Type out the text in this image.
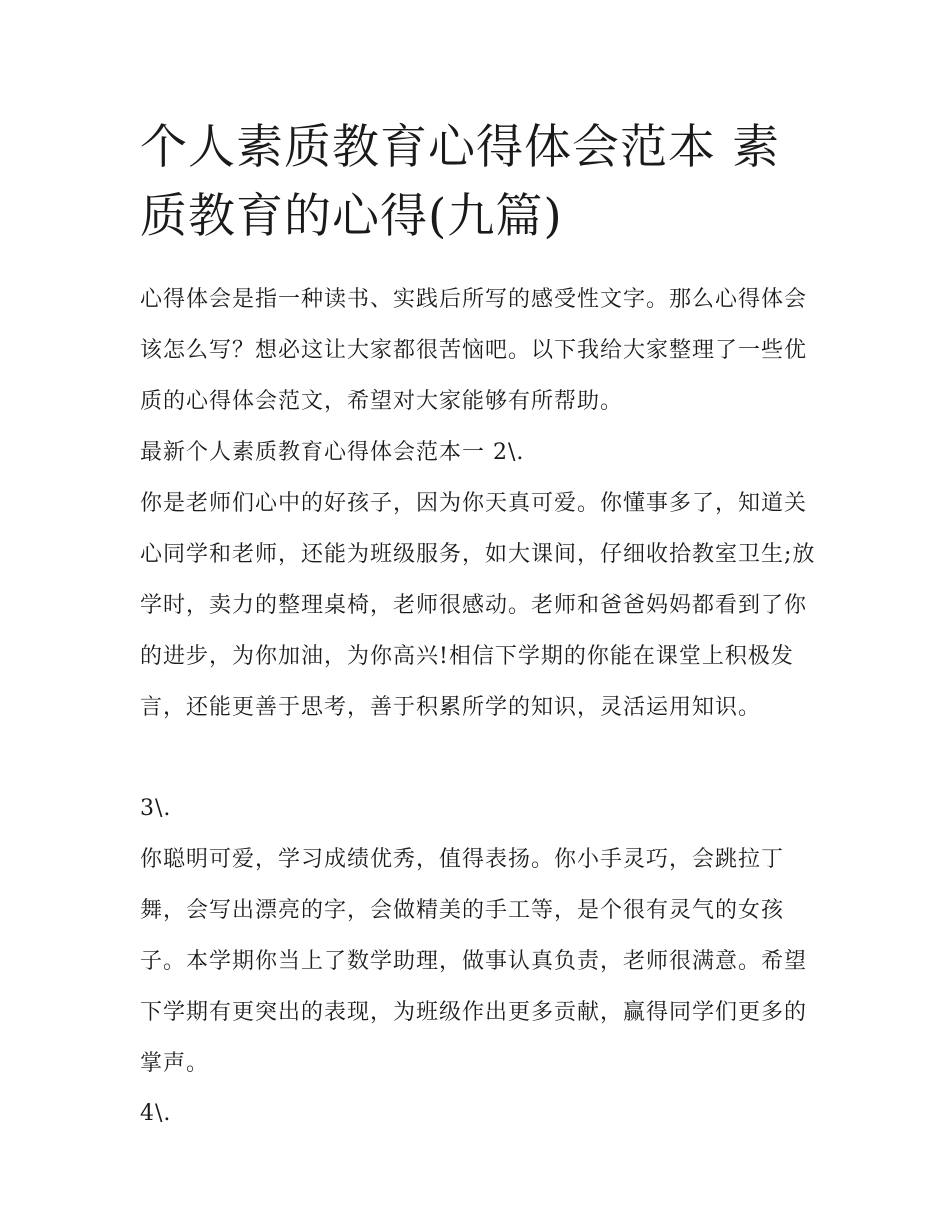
个人素质教育心得体会范本 素质教育的心得(九篇)

心得体会是指一种读书、实践后所写的感受性文字。那么心得体会该怎么写？想必这让大家都很苦恼吧。以下我给大家整理了一些优质的心得体会范文，希望对大家能够有所帮助。

最新个人素质教育心得体会范本一 2\.

你是老师们心中的好孩子，因为你天真可爱。你懂事多了，知道关心同学和老师，还能为班级服务，如大课间，仔细收拾教室卫生;放学时，卖力的整理桌椅，老师很感动。老师和爸爸妈妈都看到了你的进步，为你加油，为你高兴!相信下学期的你能在课堂上积极发言，还能更善于思考，善于积累所学的知识，灵活运用知识。

3\.

你聪明可爱，学习成绩优秀，值得表扬。你小手灵巧，会跳拉丁舞，会写出漂亮的字，会做精美的手工等，是个很有灵气的女孩子。本学期你当上了数学助理，做事认真负责，老师很满意。希望下学期有更突出的表现，为班级作出更多贡献，赢得同学们更多的掌声。

4\.
